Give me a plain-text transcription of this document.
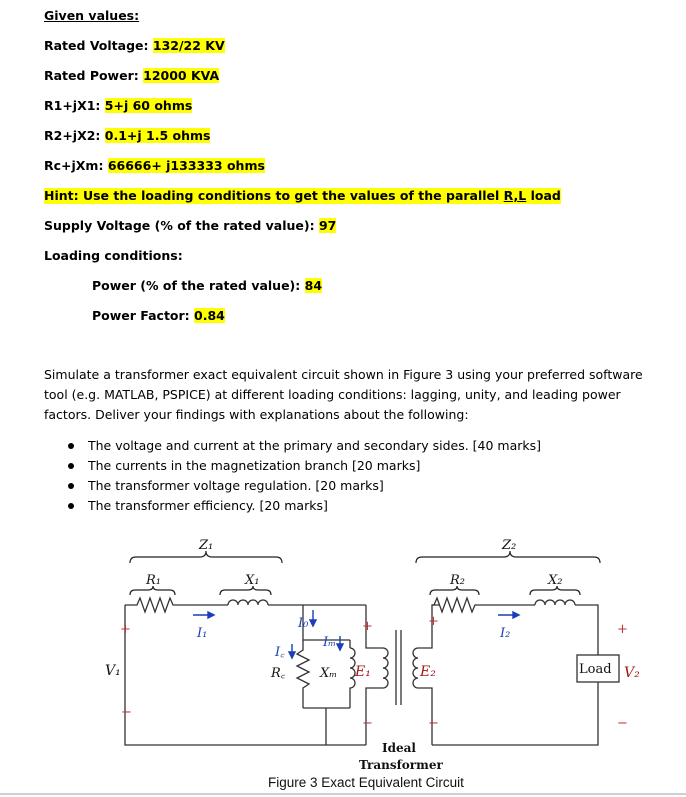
Given values:
Rated Voltage: 132/22 KV
Rated Power: 12000 KVA
R1+jX1: 5+j 60 ohms
R2+jX2: 0.1+j 1.5 ohms
Rc+jXm: 66666+ j133333 ohms
Hint: Use the loading conditions to get the values of the parallel R,L load
Supply Voltage (% of the rated value): 97
Loading conditions:
Power (% of the rated value): 84
Power Factor: 0.84
Simulate a transformer exact equivalent circuit shown in Figure 3 using your preferred software tool (e.g. MATLAB, PSPICE) at different loading conditions: lagging, unity, and leading power factors. Deliver your findings with explanations about the following:
The voltage and current at the primary and secondary sides. [40 marks]
The currents in the magnetization branch [20 marks]
The transformer voltage regulation. [20 marks]
The transformer efficiency. [20 marks]
Z₁	Z₂
R₁	X₁	R₂	X₂
I₁	I₂
I₀
I꜀
Iₘ
R꜀	Xₘ E₁	E₂
V₁	V₂
Load
+
−
+
−
+
−
+
−
Ideal
Transformer
Figure 3 Exact Equivalent Circuit
